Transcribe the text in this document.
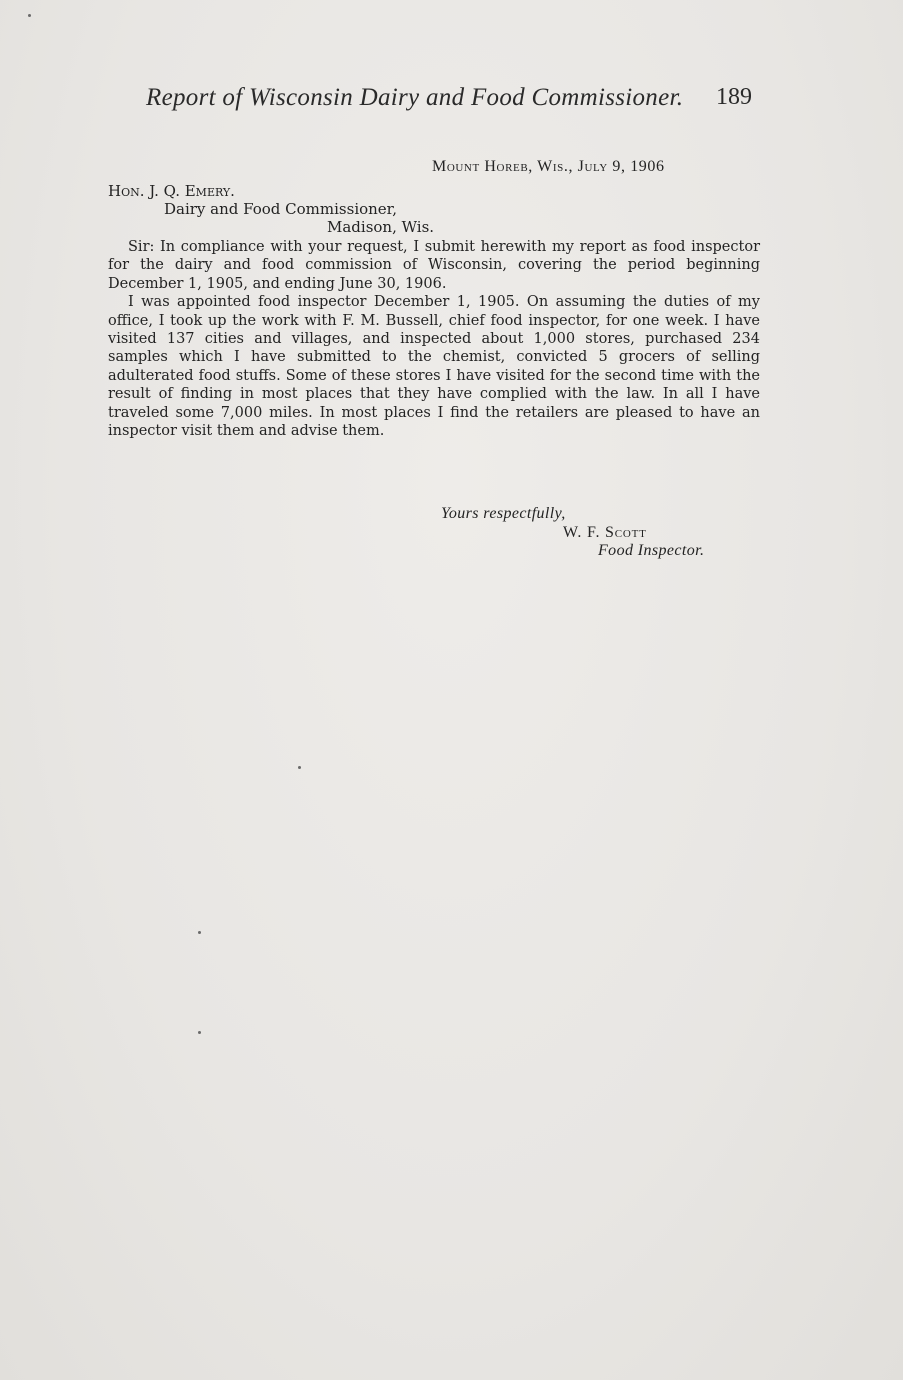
Report of Wisconsin Dairy and Food Commissioner.	189
Mount Horeb, Wis., July 9, 1906
Hon. J. Q. Emery.
Dairy and Food Commissioner,
Madison, Wis.

Sir: In compliance with your request, I submit herewith my report as food inspector for the dairy and food commission of Wisconsin, covering the period beginning December 1, 1905, and ending June 30, 1906.

I was appointed food inspector December 1, 1905. On assuming the duties of my office, I took up the work with F. M. Bussell, chief food inspector, for one week. I have visited 137 cities and villages, and inspected about 1,000 stores, purchased 234 samples which I have submitted to the chemist, convicted 5 grocers of selling adulterated food stuffs. Some of these stores I have visited for the second time with the result of finding in most places that they have complied with the law. In all I have traveled some 7,000 miles. In most places I find the retailers are pleased to have an inspector visit them and advise them.

Yours respectfully,
W. F. Scott
Food Inspector.
